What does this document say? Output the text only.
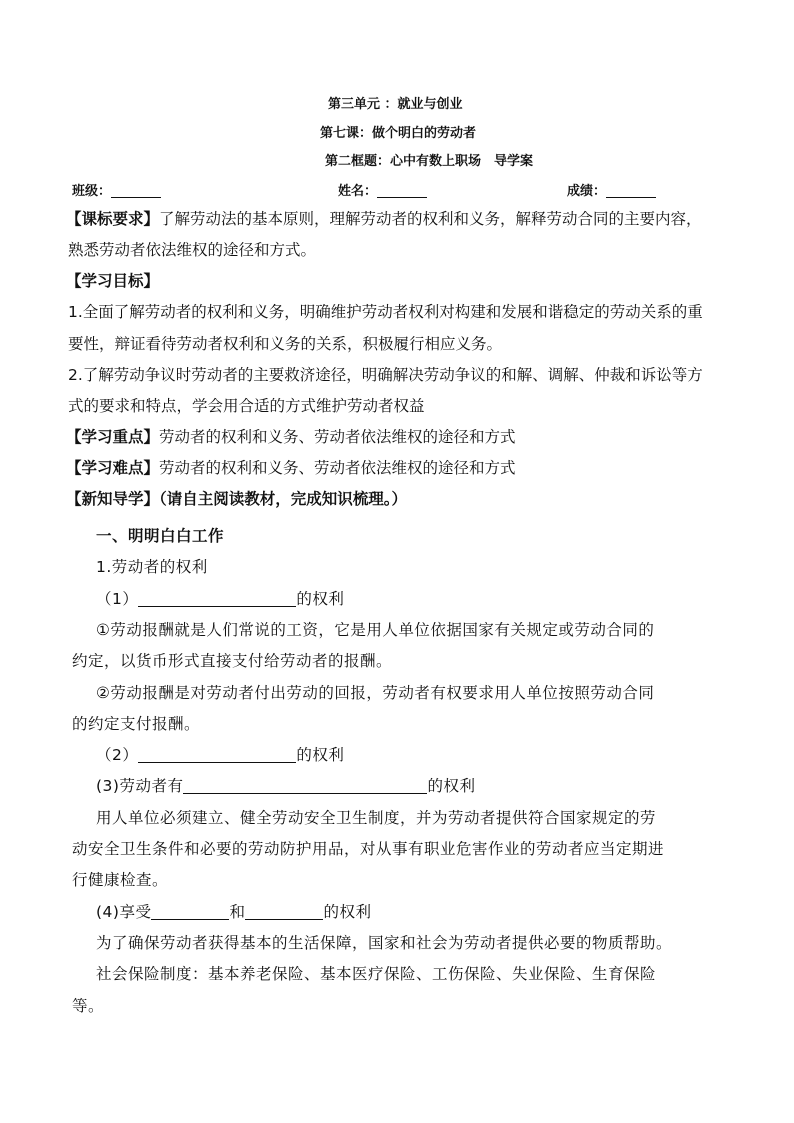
第三单元 ：就业与创业
第七课：做个明白的劳动者
第二框题：心中有数上职场　导学案
班级：	姓名：	成绩：
【课标要求】了解劳动法的基本原则，理解劳动者的权利和义务，解释劳动合同的主要内容，
熟悉劳动者依法维权的途径和方式。
【学习目标】
1.全面了解劳动者的权利和义务，明确维护劳动者权利对构建和发展和谐稳定的劳动关系的重
要性，辩证看待劳动者权利和义务的关系，积极履行相应义务。
2.了解劳动争议时劳动者的主要救济途径，明确解决劳动争议的和解、调解、仲裁和诉讼等方
式的要求和特点，学会用合适的方式维护劳动者权益
【学习重点】劳动者的权利和义务、劳动者依法维权的途径和方式
【学习难点】劳动者的权利和义务、劳动者依法维权的途径和方式
【新知导学】（请自主阅读教材，完成知识梳理。）
一、明明白白工作
1.劳动者的权利
（1）	的权利
①劳动报酬就是人们常说的工资，它是用人单位依据国家有关规定或劳动合同的
约定，以货币形式直接支付给劳动者的报酬。
②劳动报酬是对劳动者付出劳动的回报，劳动者有权要求用人单位按照劳动合同
的约定支付报酬。
（2）	的权利
(3)劳动者有	的权利
用人单位必须建立、健全劳动安全卫生制度，并为劳动者提供符合国家规定的劳
动安全卫生条件和必要的劳动防护用品，对从事有职业危害作业的劳动者应当定期进
行健康检查。
(4)享受	和	的权利
为了确保劳动者获得基本的生活保障，国家和社会为劳动者提供必要的物质帮助。
社会保险制度：基本养老保险、基本医疗保险、工伤保险、失业保险、生育保险
等。
